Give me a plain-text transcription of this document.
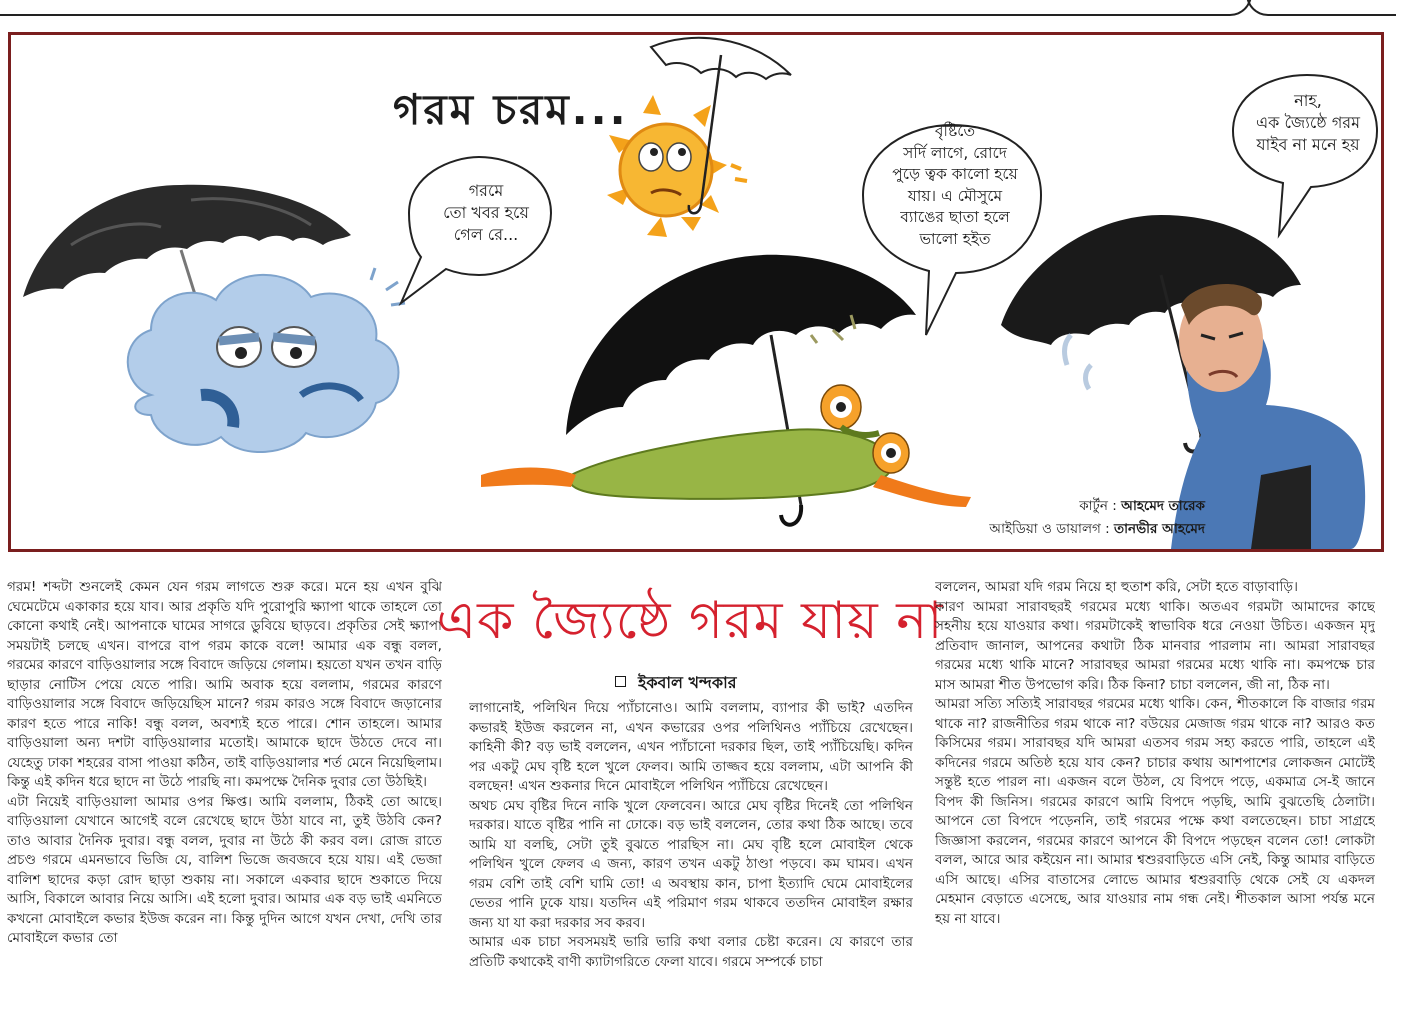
গরম চরম...
গরমে
তো খবর হয়ে
গেল রে...
বৃষ্টিতে
সর্দি লাগে, রোদে
পুড়ে ত্বক কালো হয়ে
যায়। এ মৌসুমে
ব্যাঙের ছাতা হলে
ভালো হইত
নাহ,
এক জ্যৈষ্ঠে গরম
যাইব না মনে হয়
কার্টুন : আহমেদ তারেক
আইডিয়া ও ডায়ালগ : তানভীর আহমেদ

গরম! শব্দটা শুনলেই কেমন যেন গরম লাগতে শুরু করে। মনে হয় এখন বুঝি ঘেমেটেমে একাকার হয়ে যাব। আর প্রকৃতি যদি পুরোপুরি ক্ষ্যাপা থাকে তাহলে তো কোনো কথাই নেই। আপনাকে ঘামের সাগরে ডুবিয়ে ছাড়বে। প্রকৃতির সেই ক্ষ্যাপা সময়টাই চলছে এখন। বাপরে বাপ গরম কাকে বলে! আমার এক বন্ধু বলল, গরমের কারণে বাড়িওয়ালার সঙ্গে বিবাদে জড়িয়ে গেলাম। হয়তো যখন তখন বাড়ি ছাড়ার নোটিস পেয়ে যেতে পারি। আমি অবাক হয়ে বললাম, গরমের কারণে বাড়িওয়ালার সঙ্গে বিবাদে জড়িয়েছিস মানে? গরম কারও সঙ্গে বিবাদে জড়ানোর কারণ হতে পারে নাকি! বন্ধু বলল, অবশ্যই হতে পারে। শোন তাহলে। আমার বাড়িওয়ালা অন্য দশটা বাড়িওয়ালার মতোই। আমাকে ছাদে উঠতে দেবে না। যেহেতু ঢাকা শহরের বাসা পাওয়া কঠিন, তাই বাড়িওয়ালার শর্ত মেনে নিয়েছিলাম। কিন্তু এই কদিন ধরে ছাদে না উঠে পারছি না। কমপক্ষে দৈনিক দুবার তো উঠছিই।

এটা নিয়েই বাড়িওয়ালা আমার ওপর ক্ষিপ্ত। আমি বললাম, ঠিকই তো আছে। বাড়িওয়ালা যেখানে আগেই বলে রেখেছে ছাদে উঠা যাবে না, তুই উঠবি কেন? তাও আবার দৈনিক দুবার। বন্ধু বলল, দুবার না উঠে কী করব বল। রোজ রাতে প্রচণ্ড গরমে এমনভাবে ভিজি যে, বালিশ ভিজে জবজবে হয়ে যায়। এই ভেজা বালিশ ছাদের কড়া রোদ ছাড়া শুকায় না। সকালে একবার ছাদে শুকাতে দিয়ে আসি, বিকালে আবার নিয়ে আসি। এই হলো দুবার। আমার এক বড় ভাই এমনিতে কখনো মোবাইলে কভার ইউজ করেন না। কিন্তু দুদিন আগে যখন দেখা, দেখি তার মোবাইলে কভার তো

এক জ্যৈষ্ঠে গরম যায় না
ইকবাল খন্দকার

লাগানোই, পলিথিন দিয়ে প্যাঁচানোও। আমি বললাম, ব্যাপার কী ভাই? এতদিন কভারই ইউজ করলেন না, এখন কভারের ওপর পলিথিনও প্যাঁচিয়ে রেখেছেন। কাহিনী কী? বড় ভাই বললেন, এখন প্যাঁচানো দরকার ছিল, তাই প্যাঁচিয়েছি। কদিন পর একটু মেঘ বৃষ্টি হলে খুলে ফেলব। আমি তাজ্জব হয়ে বললাম, এটা আপনি কী বলছেন! এখন শুকনার দিনে মোবাইলে পলিথিন প্যাঁচিয়ে রেখেছেন।

অথচ মেঘ বৃষ্টির দিনে নাকি খুলে ফেলবেন। আরে মেঘ বৃষ্টির দিনেই তো পলিথিন দরকার। যাতে বৃষ্টির পানি না ঢোকে। বড় ভাই বললেন, তোর কথা ঠিক আছে। তবে আমি যা বলছি, সেটা তুই বুঝতে পারছিস না। মেঘ বৃষ্টি হলে মোবাইল থেকে পলিথিন খুলে ফেলব এ জন্য, কারণ তখন একটু ঠাণ্ডা পড়বে। কম ঘামব। এখন গরম বেশি তাই বেশি ঘামি তো! এ অবস্থায় কান, চাপা ইত্যাদি ঘেমে মোবাইলের ভেতর পানি ঢুকে যায়। যতদিন এই পরিমাণ গরম থাকবে ততদিন মোবাইল রক্ষার জন্য যা যা করা দরকার সব করব।

আমার এক চাচা সবসময়ই ভারি ভারি কথা বলার চেষ্টা করেন। যে কারণে তার প্রতিটি কথাকেই বাণী ক্যাটাগরিতে ফেলা যাবে। গরমে সম্পর্কে চাচা

বললেন, আমরা যদি গরম নিয়ে হা হুতাশ করি, সেটা হতে বাড়াবাড়ি।

কারণ আমরা সারাবছরই গরমের মধ্যে থাকি। অতএব গরমটা আমাদের কাছে সহনীয় হয়ে যাওয়ার কথা। গরমটাকেই স্বাভাবিক ধরে নেওয়া উচিত। একজন মৃদু প্রতিবাদ জানাল, আপনের কথাটা ঠিক মানবার পারলাম না। আমরা সারাবছর গরমের মধ্যে থাকি মানে? সারাবছর আমরা গরমের মধ্যে থাকি না। কমপক্ষে চার মাস আমরা শীত উপভোগ করি। ঠিক কিনা? চাচা বললেন, জী না, ঠিক না।

আমরা সত্যি সত্যিই সারাবছর গরমের মধ্যে থাকি। কেন, শীতকালে কি বাজার গরম থাকে না? রাজনীতির গরম থাকে না? বউয়ের মেজাজ গরম থাকে না? আরও কত কিসিমের গরম। সারাবছর যদি আমরা এতসব গরম সহ্য করতে পারি, তাহলে এই কদিনের গরমে অতিষ্ঠ হয়ে যাব কেন? চাচার কথায় আশপাশের লোকজন মোটেই সন্তুষ্ট হতে পারল না। একজন বলে উঠল, যে বিপদে পড়ে, একমাত্র সে-ই জানে বিপদ কী জিনিস। গরমের কারণে আমি বিপদে পড়ছি, আমি বুঝতেছি ঠেলাটা। আপনে তো বিপদে পড়েননি, তাই গরমের পক্ষে কথা বলতেছেন। চাচা সাগ্রহে জিজ্ঞাসা করলেন, গরমের কারণে আপনে কী বিপদে পড়ছেন বলেন তো! লোকটা বলল, আরে আর কইয়েন না। আমার শ্বশুরবাড়িতে এসি নেই, কিন্তু আমার বাড়িতে এসি আছে। এসির বাতাসের লোভে আমার শ্বশুরবাড়ি থেকে সেই যে একদল মেহমান বেড়াতে এসেছে, আর যাওয়ার নাম গন্ধ নেই। শীতকাল আসা পর্যন্ত মনে হয় না যাবে।
